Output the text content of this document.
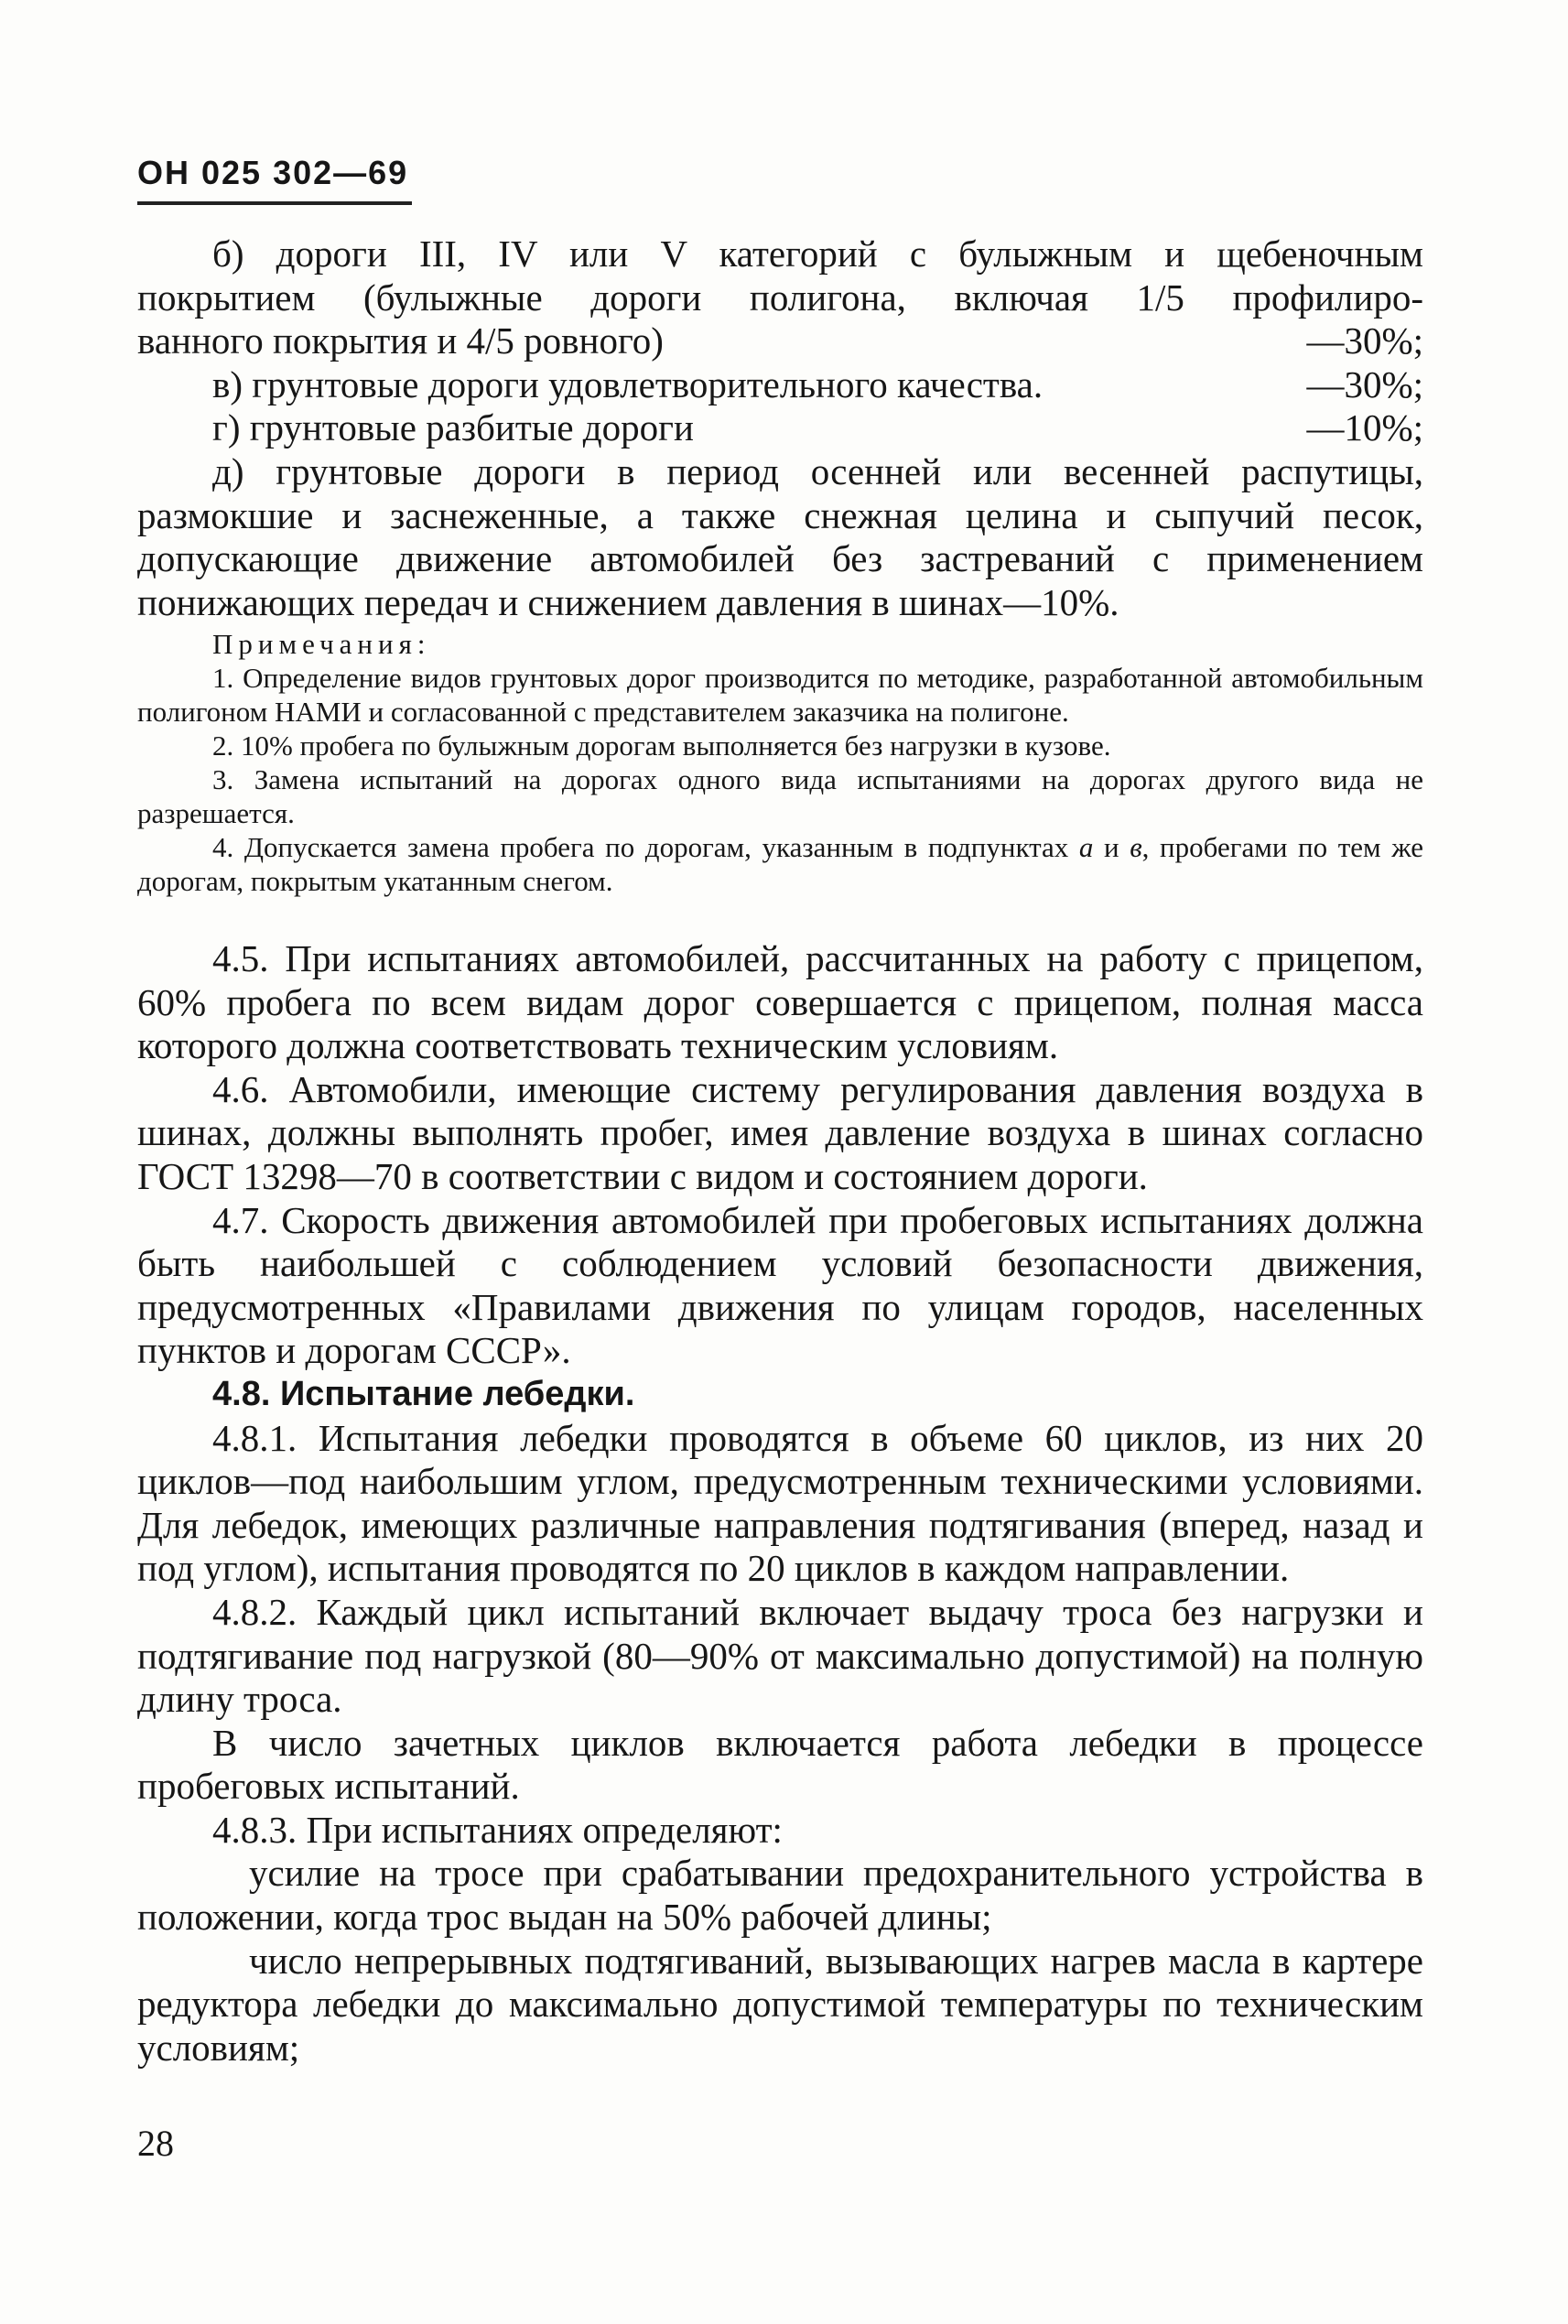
ОН 025 302—69

б) дороги III, IV или V категорий с булыжным и щебеночным

покрытием (булыжные дороги полигона, включая 1/5 профилиро-

ванного покрытия и 4/5 ровного)	—30%;
в) грунтовые дороги удовлетворительного качества.	—30%;
г) грунтовые разбитые дороги	—10%;

д) грунтовые дороги в период осенней или весенней распутицы, размокшие и заснеженные, а также снежная целина и сыпучий песок, допускающие движение автомобилей без застреваний с применением понижающих передач и снижением давления в шинах—10%.

Примечания:

1. Определение видов грунтовых дорог производится по методике, разработанной автомобильным полигоном НАМИ и согласованной с представителем заказчика на полигоне.

2. 10% пробега по булыжным дорогам выполняется без нагрузки в кузове.

3. Замена испытаний на дорогах одного вида испытаниями на дорогах другого вида не разрешается.

4. Допускается замена пробега по дорогам, указанным в подпунктах а и в, пробегами по тем же дорогам, покрытым укатанным снегом.

4.5. При испытаниях автомобилей, рассчитанных на работу с прицепом, 60% пробега по всем видам дорог совершается с прицепом, полная масса которого должна соответствовать техническим условиям.

4.6. Автомобили, имеющие систему регулирования давления воздуха в шинах, должны выполнять пробег, имея давление воздуха в шинах согласно ГОСТ 13298—70 в соответствии с видом и состоянием дороги.

4.7. Скорость движения автомобилей при пробеговых испытаниях должна быть наибольшей с соблюдением условий безопасности движения, предусмотренных «Правилами движения по улицам городов, населенных пунктов и дорогам СССР».

4.8. Испытание лебедки.

4.8.1. Испытания лебедки проводятся в объеме 60 циклов, из них 20 циклов—под наибольшим углом, предусмотренным техническими условиями. Для лебедок, имеющих различные направления подтягивания (вперед, назад и под углом), испытания проводятся по 20 циклов в каждом направлении.

4.8.2. Каждый цикл испытаний включает выдачу троса без нагрузки и подтягивание под нагрузкой (80—90% от максимально допустимой) на полную длину троса.

В число зачетных циклов включается работа лебедки в процессе пробеговых испытаний.

4.8.3. При испытаниях определяют:

усилие на тросе при срабатывании предохранительного устройства в положении, когда трос выдан на 50% рабочей длины;

число непрерывных подтягиваний, вызывающих нагрев масла в картере редуктора лебедки до максимально допустимой температуры по техническим условиям;

28
